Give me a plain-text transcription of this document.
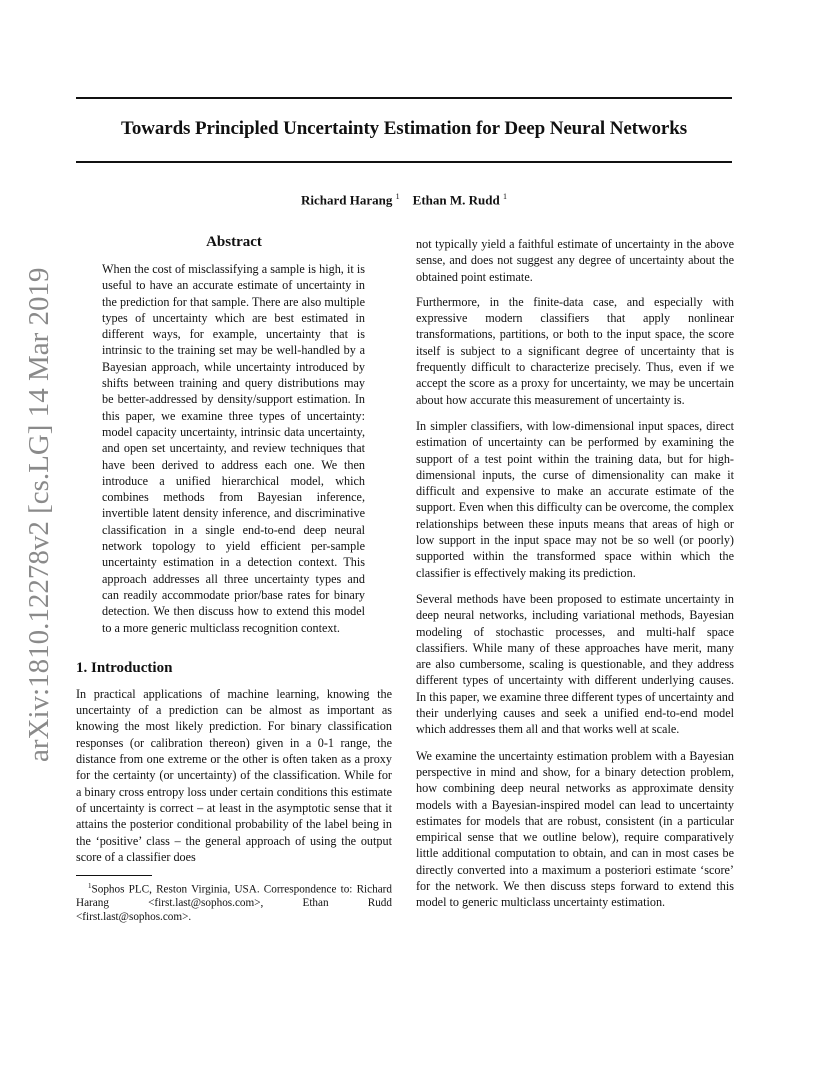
Towards Principled Uncertainty Estimation for Deep Neural Networks
Richard Harang $^1$ Ethan M. Rudd $^1$
arXiv:1810.12278v2 [cs.LG] 14 Mar 2019
Abstract

When the cost of misclassifying a sample is high, it is useful to have an accurate estimate of uncertainty in the prediction for that sample. There are also multiple types of uncertainty which are best estimated in different ways, for example, uncertainty that is intrinsic to the training set may be well-handled by a Bayesian approach, while uncertainty introduced by shifts between training and query distributions may be better-addressed by density/support estimation. In this paper, we examine three types of uncertainty: model capacity uncertainty, intrinsic data uncertainty, and open set uncertainty, and review techniques that have been derived to address each one. We then introduce a unified hierarchical model, which combines methods from Bayesian inference, invertible latent density inference, and discriminative classification in a single end-to-end deep neural network topology to yield efficient per-sample uncertainty estimation in a detection context. This approach addresses all three uncertainty types and can readily accommodate prior/base rates for binary detection. We then discuss how to extend this model to a more generic multiclass recognition context.

1. Introduction

In practical applications of machine learning, knowing the uncertainty of a prediction can be almost as important as knowing the most likely prediction. For binary classification responses (or calibration thereon) given in a 0-1 range, the distance from one extreme or the other is often taken as a proxy for the certainty (or uncertainty) of the classification. While for a binary cross entropy loss under certain conditions this estimate of uncertainty is correct – at least in the asymptotic sense that it attains the posterior conditional probability of the label being in the ‘positive’ class – the general approach of using the output score of a classifier does

$^1$Sophos PLC, Reston Virginia, USA. Correspondence to: Richard Harang <first.last@sophos.com>, Ethan Rudd <first.last@sophos.com>.

not typically yield a faithful estimate of uncertainty in the above sense, and does not suggest any degree of uncertainty about the obtained point estimate.

Furthermore, in the finite-data case, and especially with expressive modern classifiers that apply nonlinear transformations, partitions, or both to the input space, the score itself is subject to a significant degree of uncertainty that is frequently difficult to characterize precisely. Thus, even if we accept the score as a proxy for uncertainty, we may be uncertain about how accurate this measurement of uncertainty is.

In simpler classifiers, with low-dimensional input spaces, direct estimation of uncertainty can be performed by examining the support of a test point within the training data, but for high-dimensional inputs, the curse of dimensionality can make it difficult and expensive to make an accurate estimate of the support. Even when this difficulty can be overcome, the complex relationships between these inputs means that areas of high or low support in the input space may not be so well (or poorly) supported within the transformed space within which the classifier is effectively making its prediction.

Several methods have been proposed to estimate uncertainty in deep neural networks, including variational methods, Bayesian modeling of stochastic processes, and multi-half space classifiers. While many of these approaches have merit, many are also cumbersome, scaling is questionable, and they address different types of uncertainty with different underlying causes. In this paper, we examine three different types of uncertainty and their underlying causes and seek a unified end-to-end model which addresses them all and that works well at scale.

We examine the uncertainty estimation problem with a Bayesian perspective in mind and show, for a binary detection problem, how combining deep neural networks as approximate density models with a Bayesian-inspired model can lead to uncertainty estimates for models that are robust, consistent (in a particular empirical sense that we outline below), require comparatively little additional computation to obtain, and can in most cases be directly converted into a maximum a posteriori estimate ‘score’ for the network. We then discuss steps forward to extend this model to generic multiclass uncertainty estimation.
